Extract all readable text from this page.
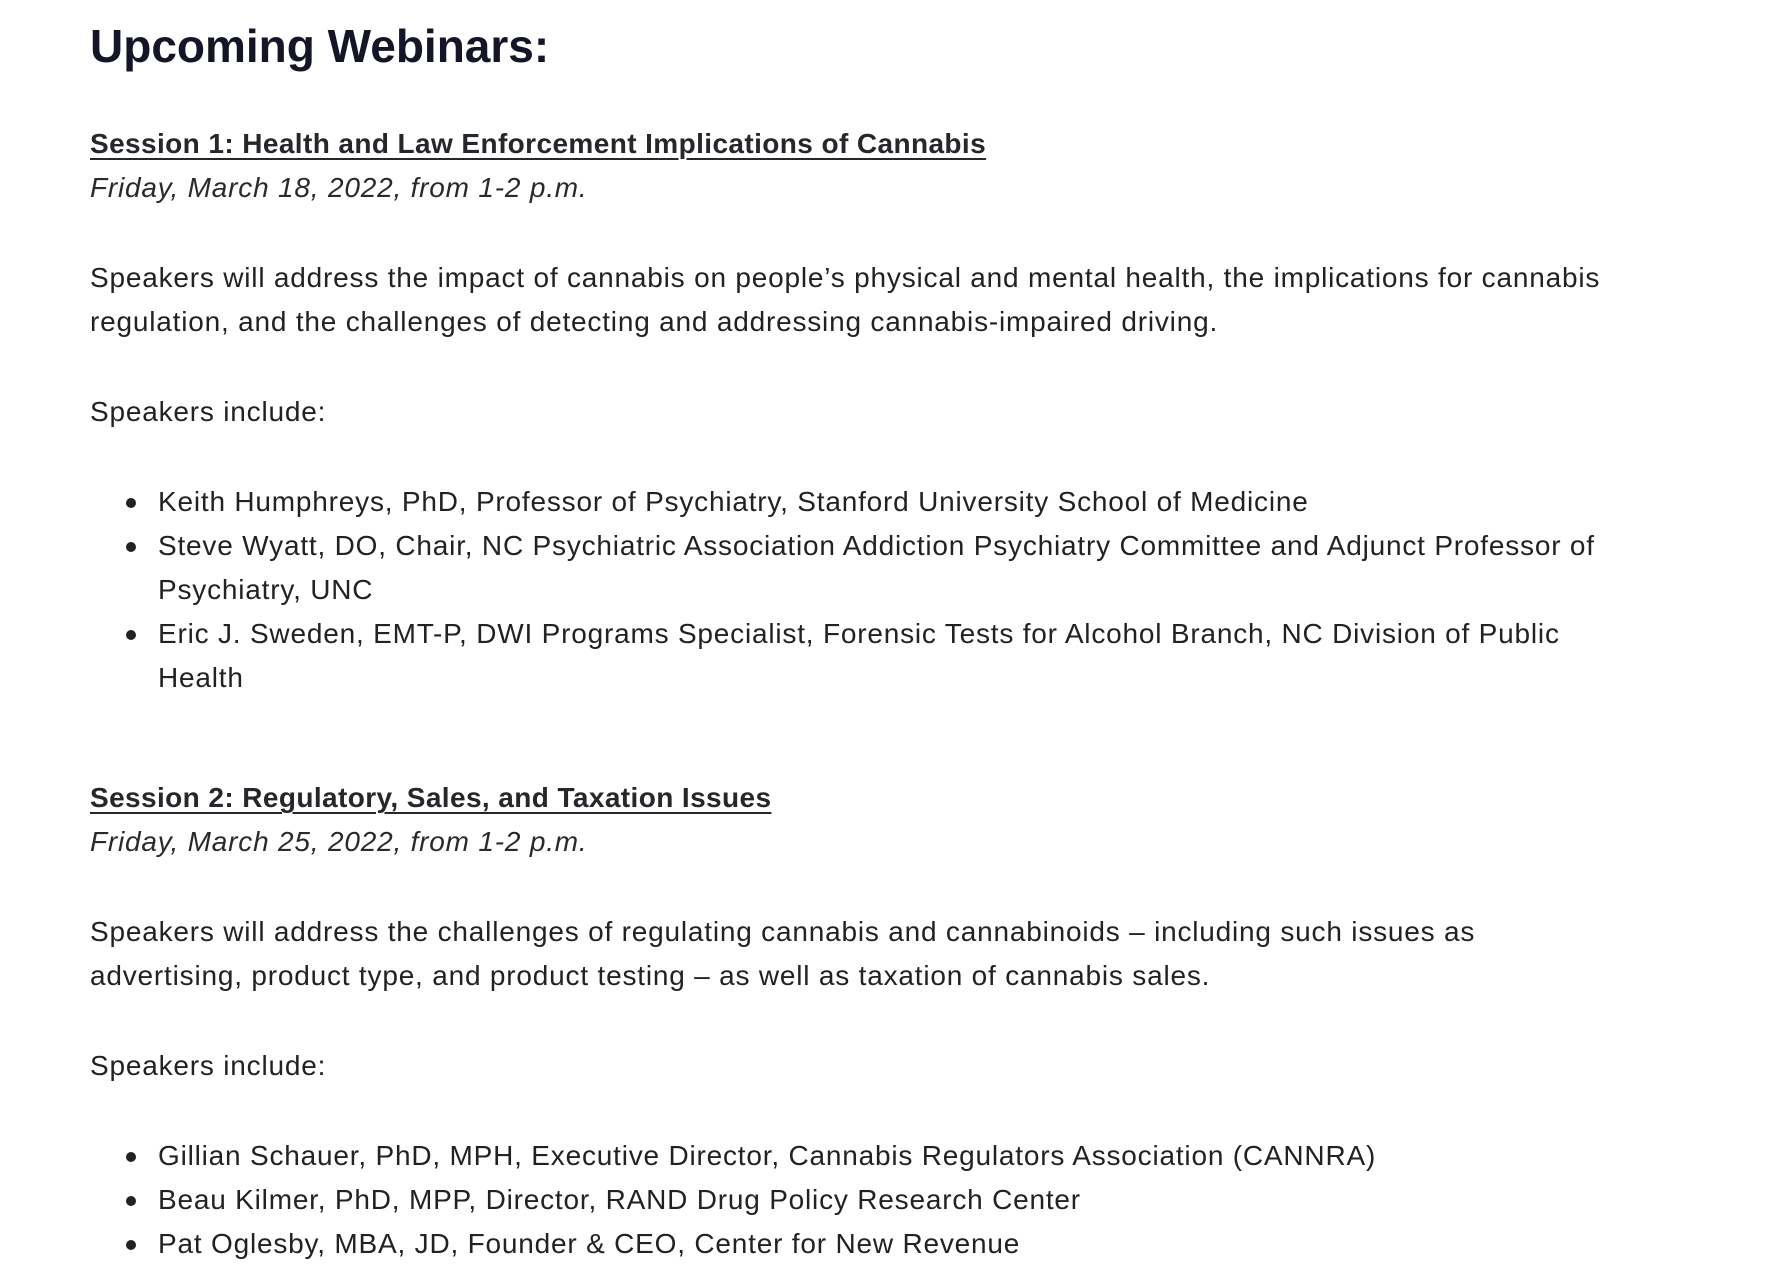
Upcoming Webinars:
Session 1: Health and Law Enforcement Implications of Cannabis
Friday, March 18, 2022, from 1-2 p.m.

Speakers will address the impact of cannabis on people’s physical and mental health, the implications for cannabis regulation, and the challenges of detecting and addressing cannabis-impaired driving.

Speakers include:

Keith Humphreys, PhD, Professor of Psychiatry, Stanford University School of Medicine
Steve Wyatt, DO, Chair, NC Psychiatric Association Addiction Psychiatry Committee and Adjunct Professor of Psychiatry, UNC
Eric J. Sweden, EMT-P, DWI Programs Specialist, Forensic Tests for Alcohol Branch, NC Division of Public Health
Session 2: Regulatory, Sales, and Taxation Issues
Friday, March 25, 2022, from 1-2 p.m.

Speakers will address the challenges of regulating cannabis and cannabinoids – including such issues as advertising, product type, and product testing – as well as taxation of cannabis sales.

Speakers include:

Gillian Schauer, PhD, MPH, Executive Director, Cannabis Regulators Association (CANNRA)
Beau Kilmer, PhD, MPP, Director, RAND Drug Policy Research Center
Pat Oglesby, MBA, JD, Founder & CEO, Center for New Revenue
